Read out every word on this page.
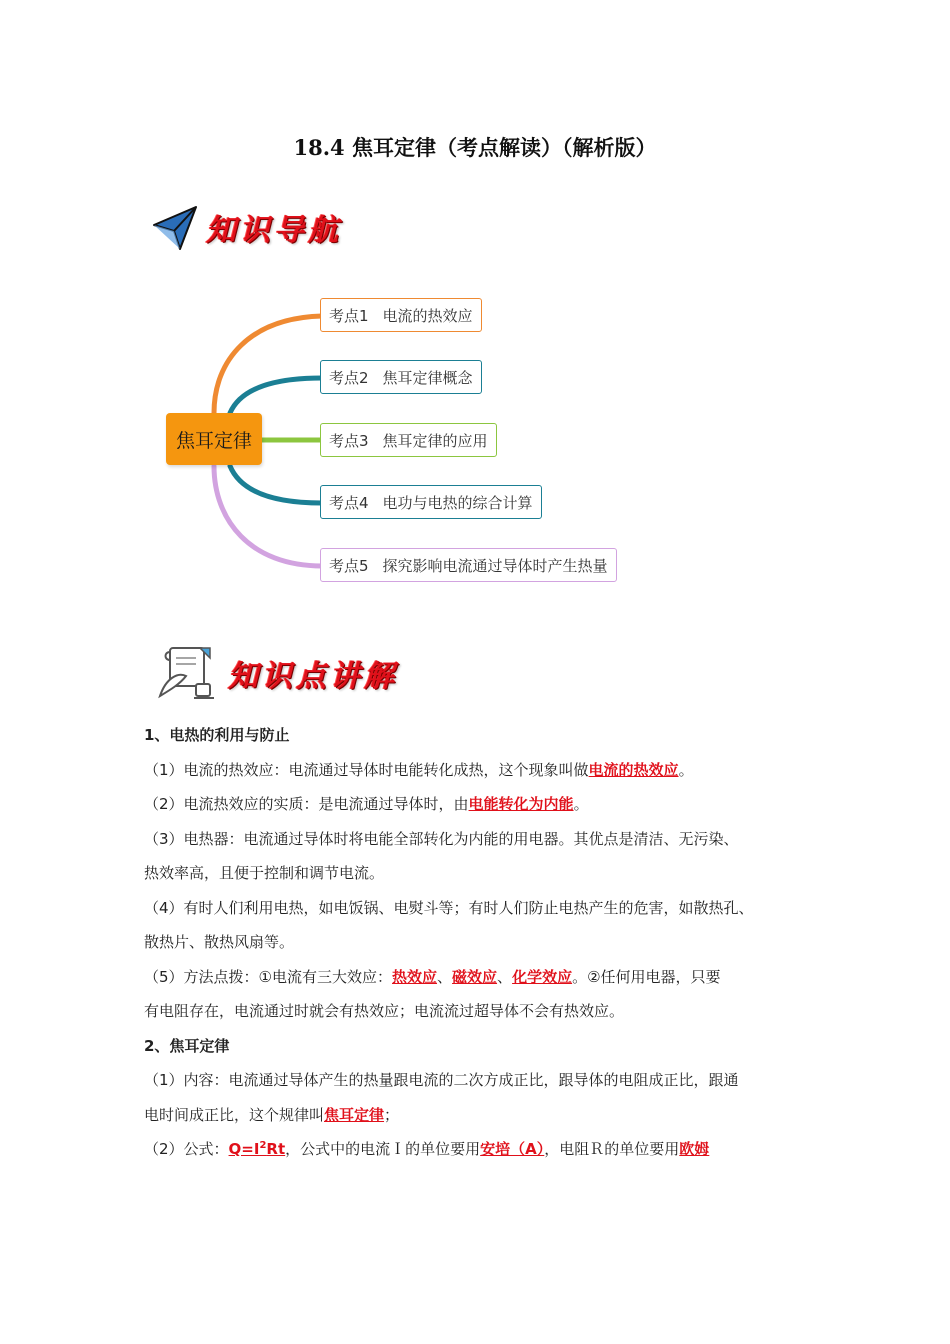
18.4 焦耳定律（考点解读）（解析版）
知识导航
焦耳定律
考点1 电流的热效应
考点2 焦耳定律概念
考点3 焦耳定律的应用
考点4 电功与电热的综合计算
考点5 探究影响电流通过导体时产生热量
知识点讲解
1、电热的利用与防止
（1）电流的热效应：电流通过导体时电能转化成热，这个现象叫做电流的热效应。
（2）电流热效应的实质：是电流通过导体时，由电能转化为内能。
（3）电热器：电流通过导体时将电能全部转化为内能的用电器。其优点是清洁、无污染、
热效率高，且便于控制和调节电流。
（4）有时人们利用电热，如电饭锅、电熨斗等；有时人们防止电热产生的危害，如散热孔、
散热片、散热风扇等。
（5）方法点拨：①电流有三大效应：热效应、磁效应、化学效应。②任何用电器，只要
有电阻存在，电流通过时就会有热效应；电流流过超导体不会有热效应。
2、焦耳定律
（1）内容：电流通过导体产生的热量跟电流的二次方成正比，跟导体的电阻成正比，跟通
电时间成正比，这个规律叫焦耳定律；
（2）公式：$Q=I^2Rt$，公式中的电流Ｉ的单位要用安培（A），电阻Ｒ的单位要用欧姆
